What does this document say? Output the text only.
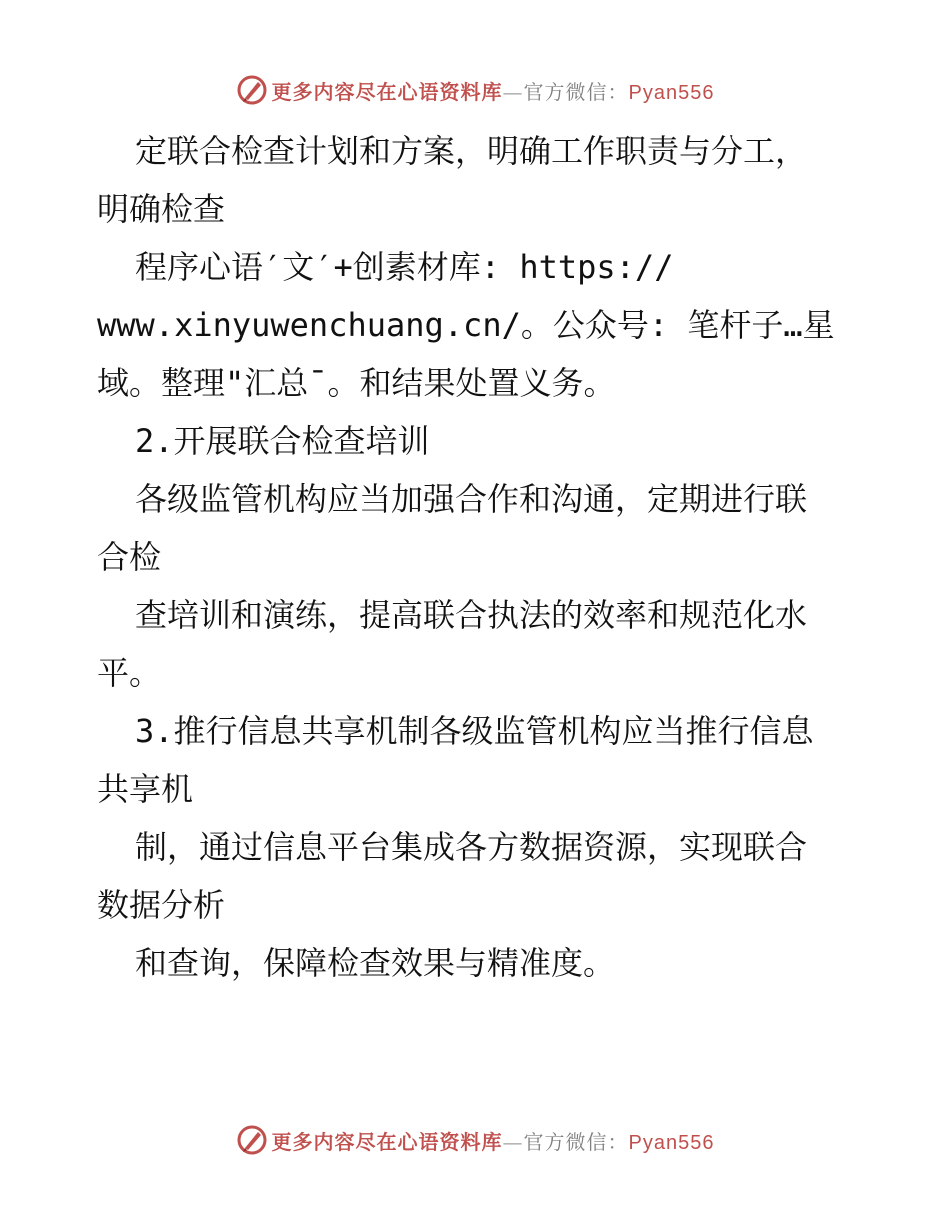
更多内容尽在心语资料库—官方微信：Pyan556
定联合检查计划和方案，明确工作职责与分工，
明确检查
程序心语′文′+创素材库: https://
www.xinyuwenchuang.cn/。公众号: 笔杆子…星
域。整理"汇总¯。和结果处置义务。
2.开展联合检查培训
各级监管机构应当加强合作和沟通，定期进行联
合检
查培训和演练，提高联合执法的效率和规范化水
平。
3.推行信息共享机制各级监管机构应当推行信息
共享机
制，通过信息平台集成各方数据资源，实现联合
数据分析
和查询，保障检查效果与精准度。
更多内容尽在心语资料库—官方微信：Pyan556
